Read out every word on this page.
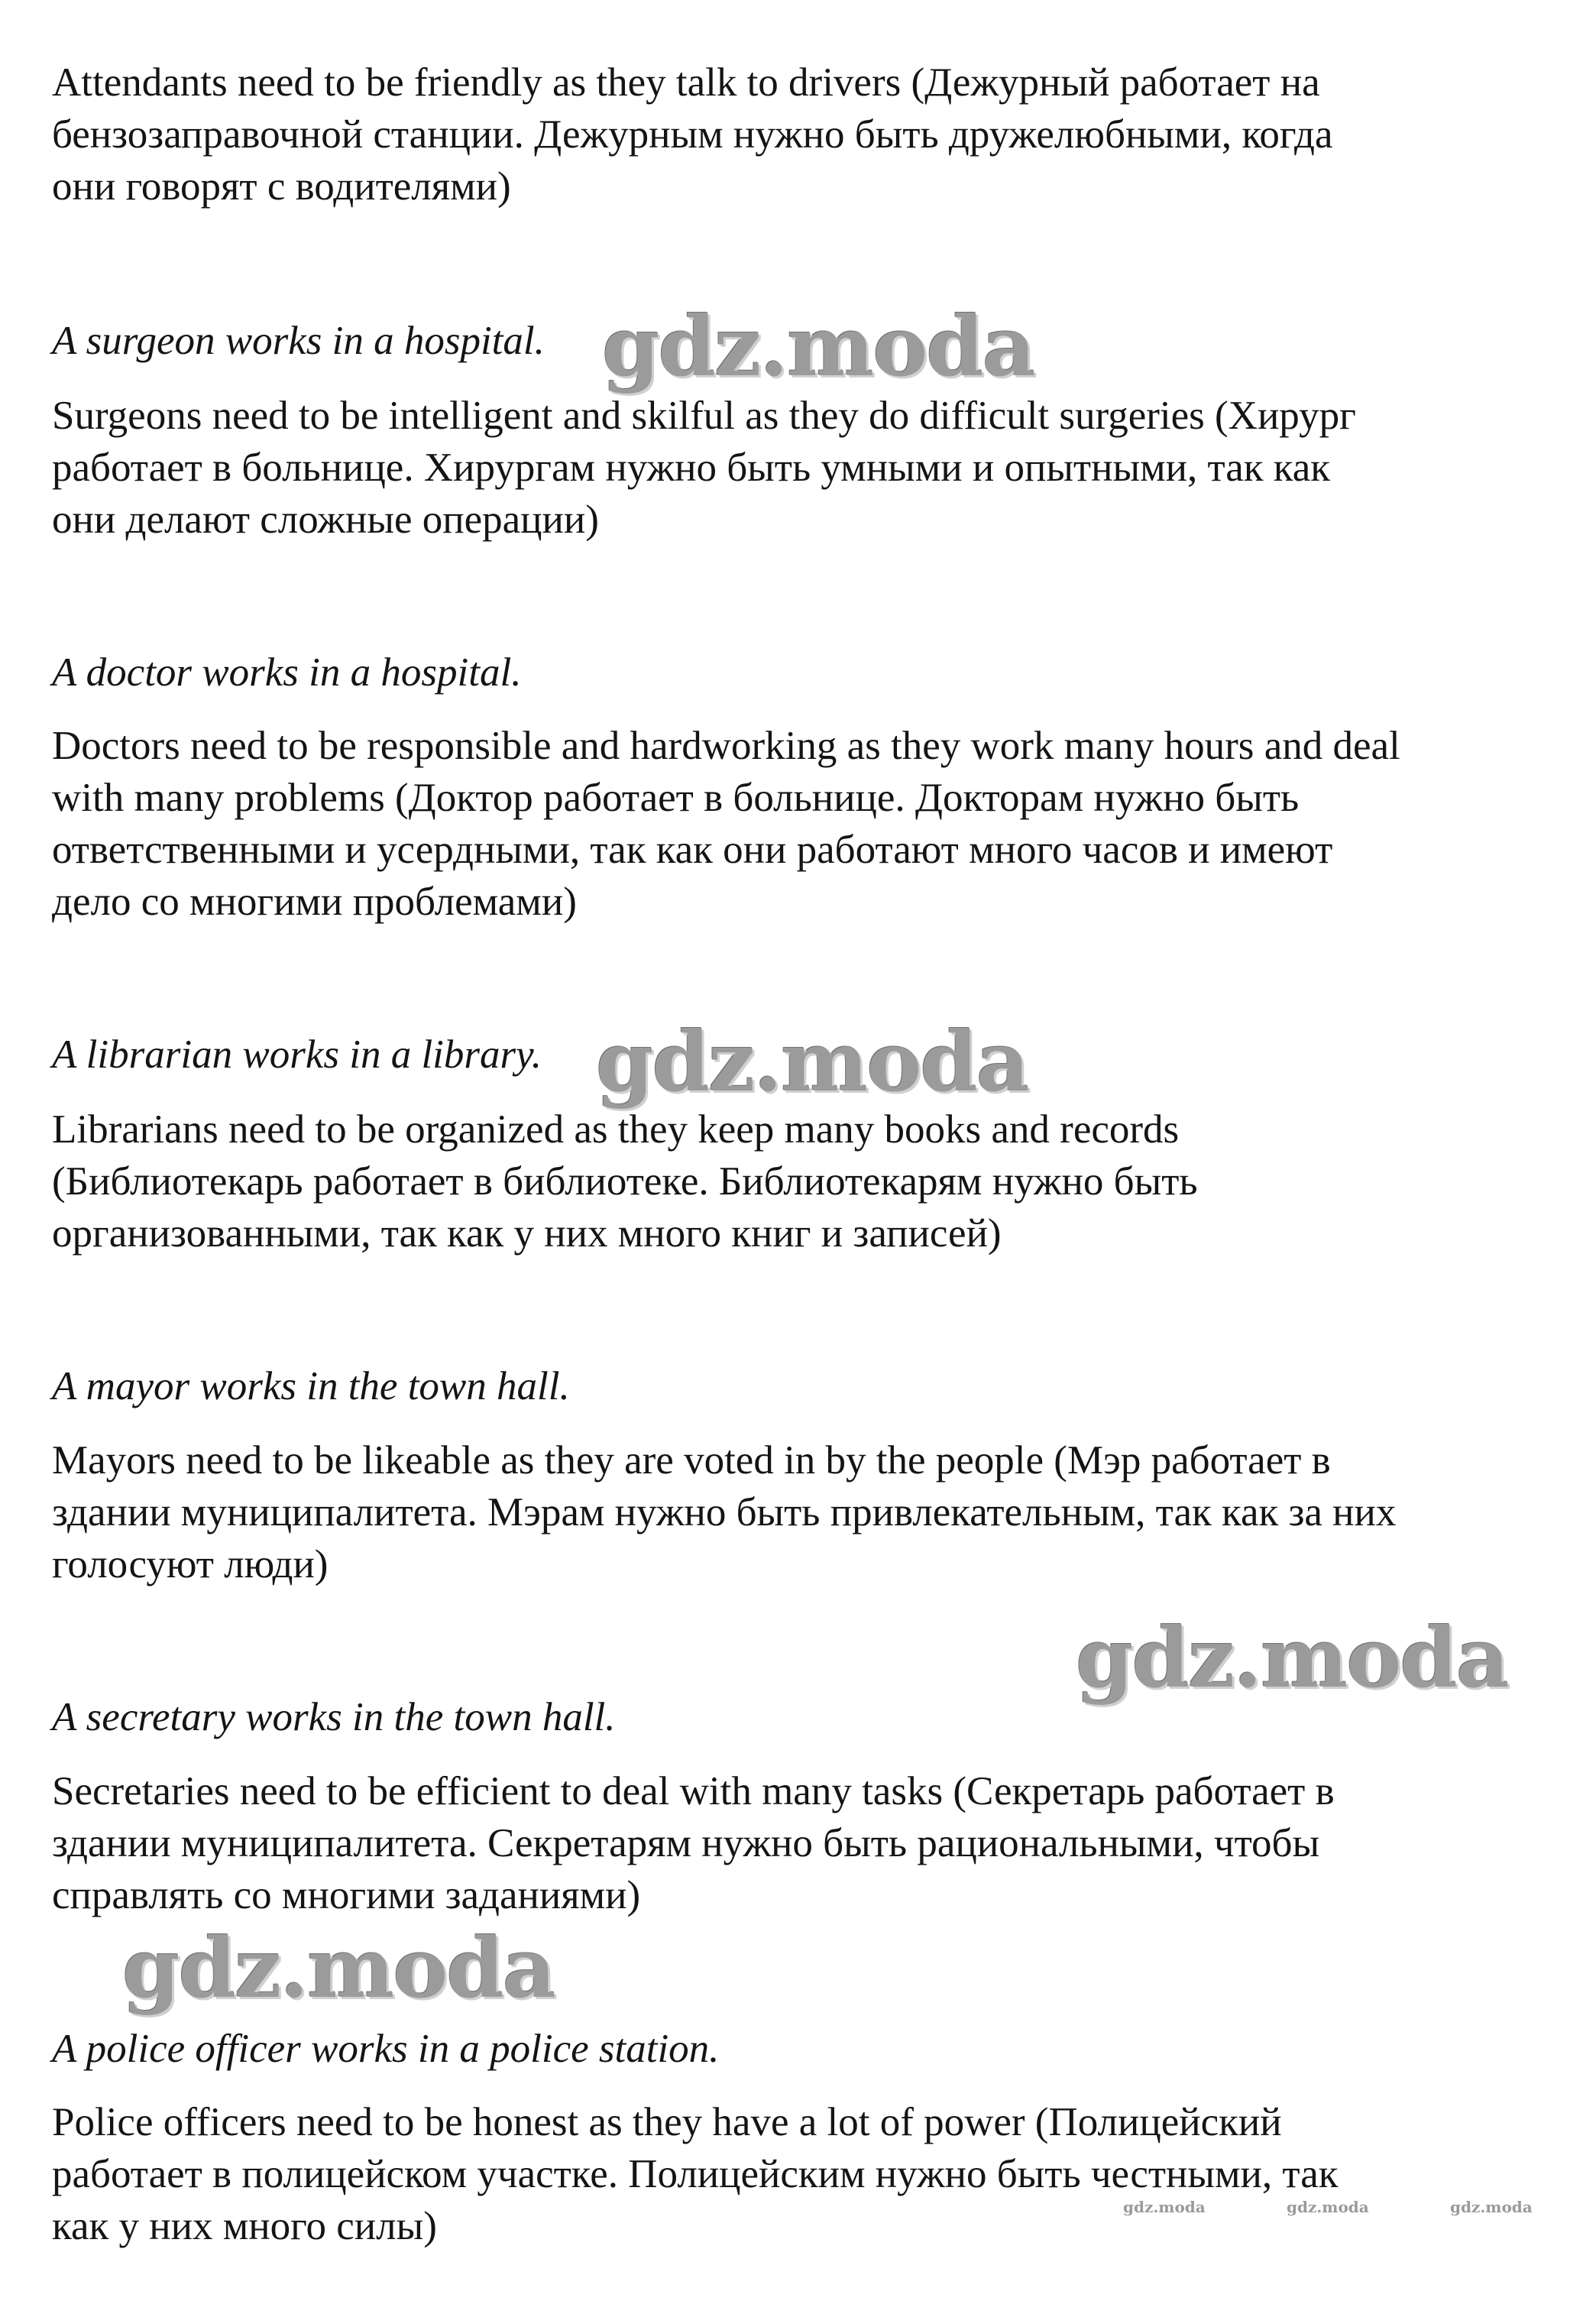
Attendants need to be friendly as they talk to drivers (Дежурный работает на
бензозаправочной станции. Дежурным нужно быть дружелюбными, когда
они говорят с водителями)

A surgeon works in a hospital.

Surgeons need to be intelligent and skilful as they do difficult surgeries (Хирург
работает в больнице. Хирургам нужно быть умными и опытными, так как
они делают сложные операции)

A doctor works in a hospital.

Doctors need to be responsible and hardworking as they work many hours and deal
with many problems (Доктор работает в больнице. Докторам нужно быть
ответственными и усердными, так как они работают много часов и имеют
дело со многими проблемами)

A librarian works in a library.

Librarians need to be organized as they keep many books and records
(Библиотекарь работает в библиотеке. Библиотекарям нужно быть
организованными, так как у них много книг и записей)

A mayor works in the town hall.

Mayors need to be likeable as they are voted in by the people (Мэр работает в
здании муниципалитета. Мэрам нужно быть привлекательным, так как за них
голосуют люди)

A secretary works in the town hall.

Secretaries need to be efficient to deal with many tasks (Секретарь работает в
здании муниципалитета. Секретарям нужно быть рациональными, чтобы
справлять со многими заданиями)

A police officer works in a police station.

Police officers need to be honest as they have a lot of power (Полицейский
работает в полицейском участке. Полицейским нужно быть честными, так
как у них много силы)

gdz.moda

gdz.moda

gdz.moda

gdz.moda

gdz.moda	gdz.moda	gdz.moda
